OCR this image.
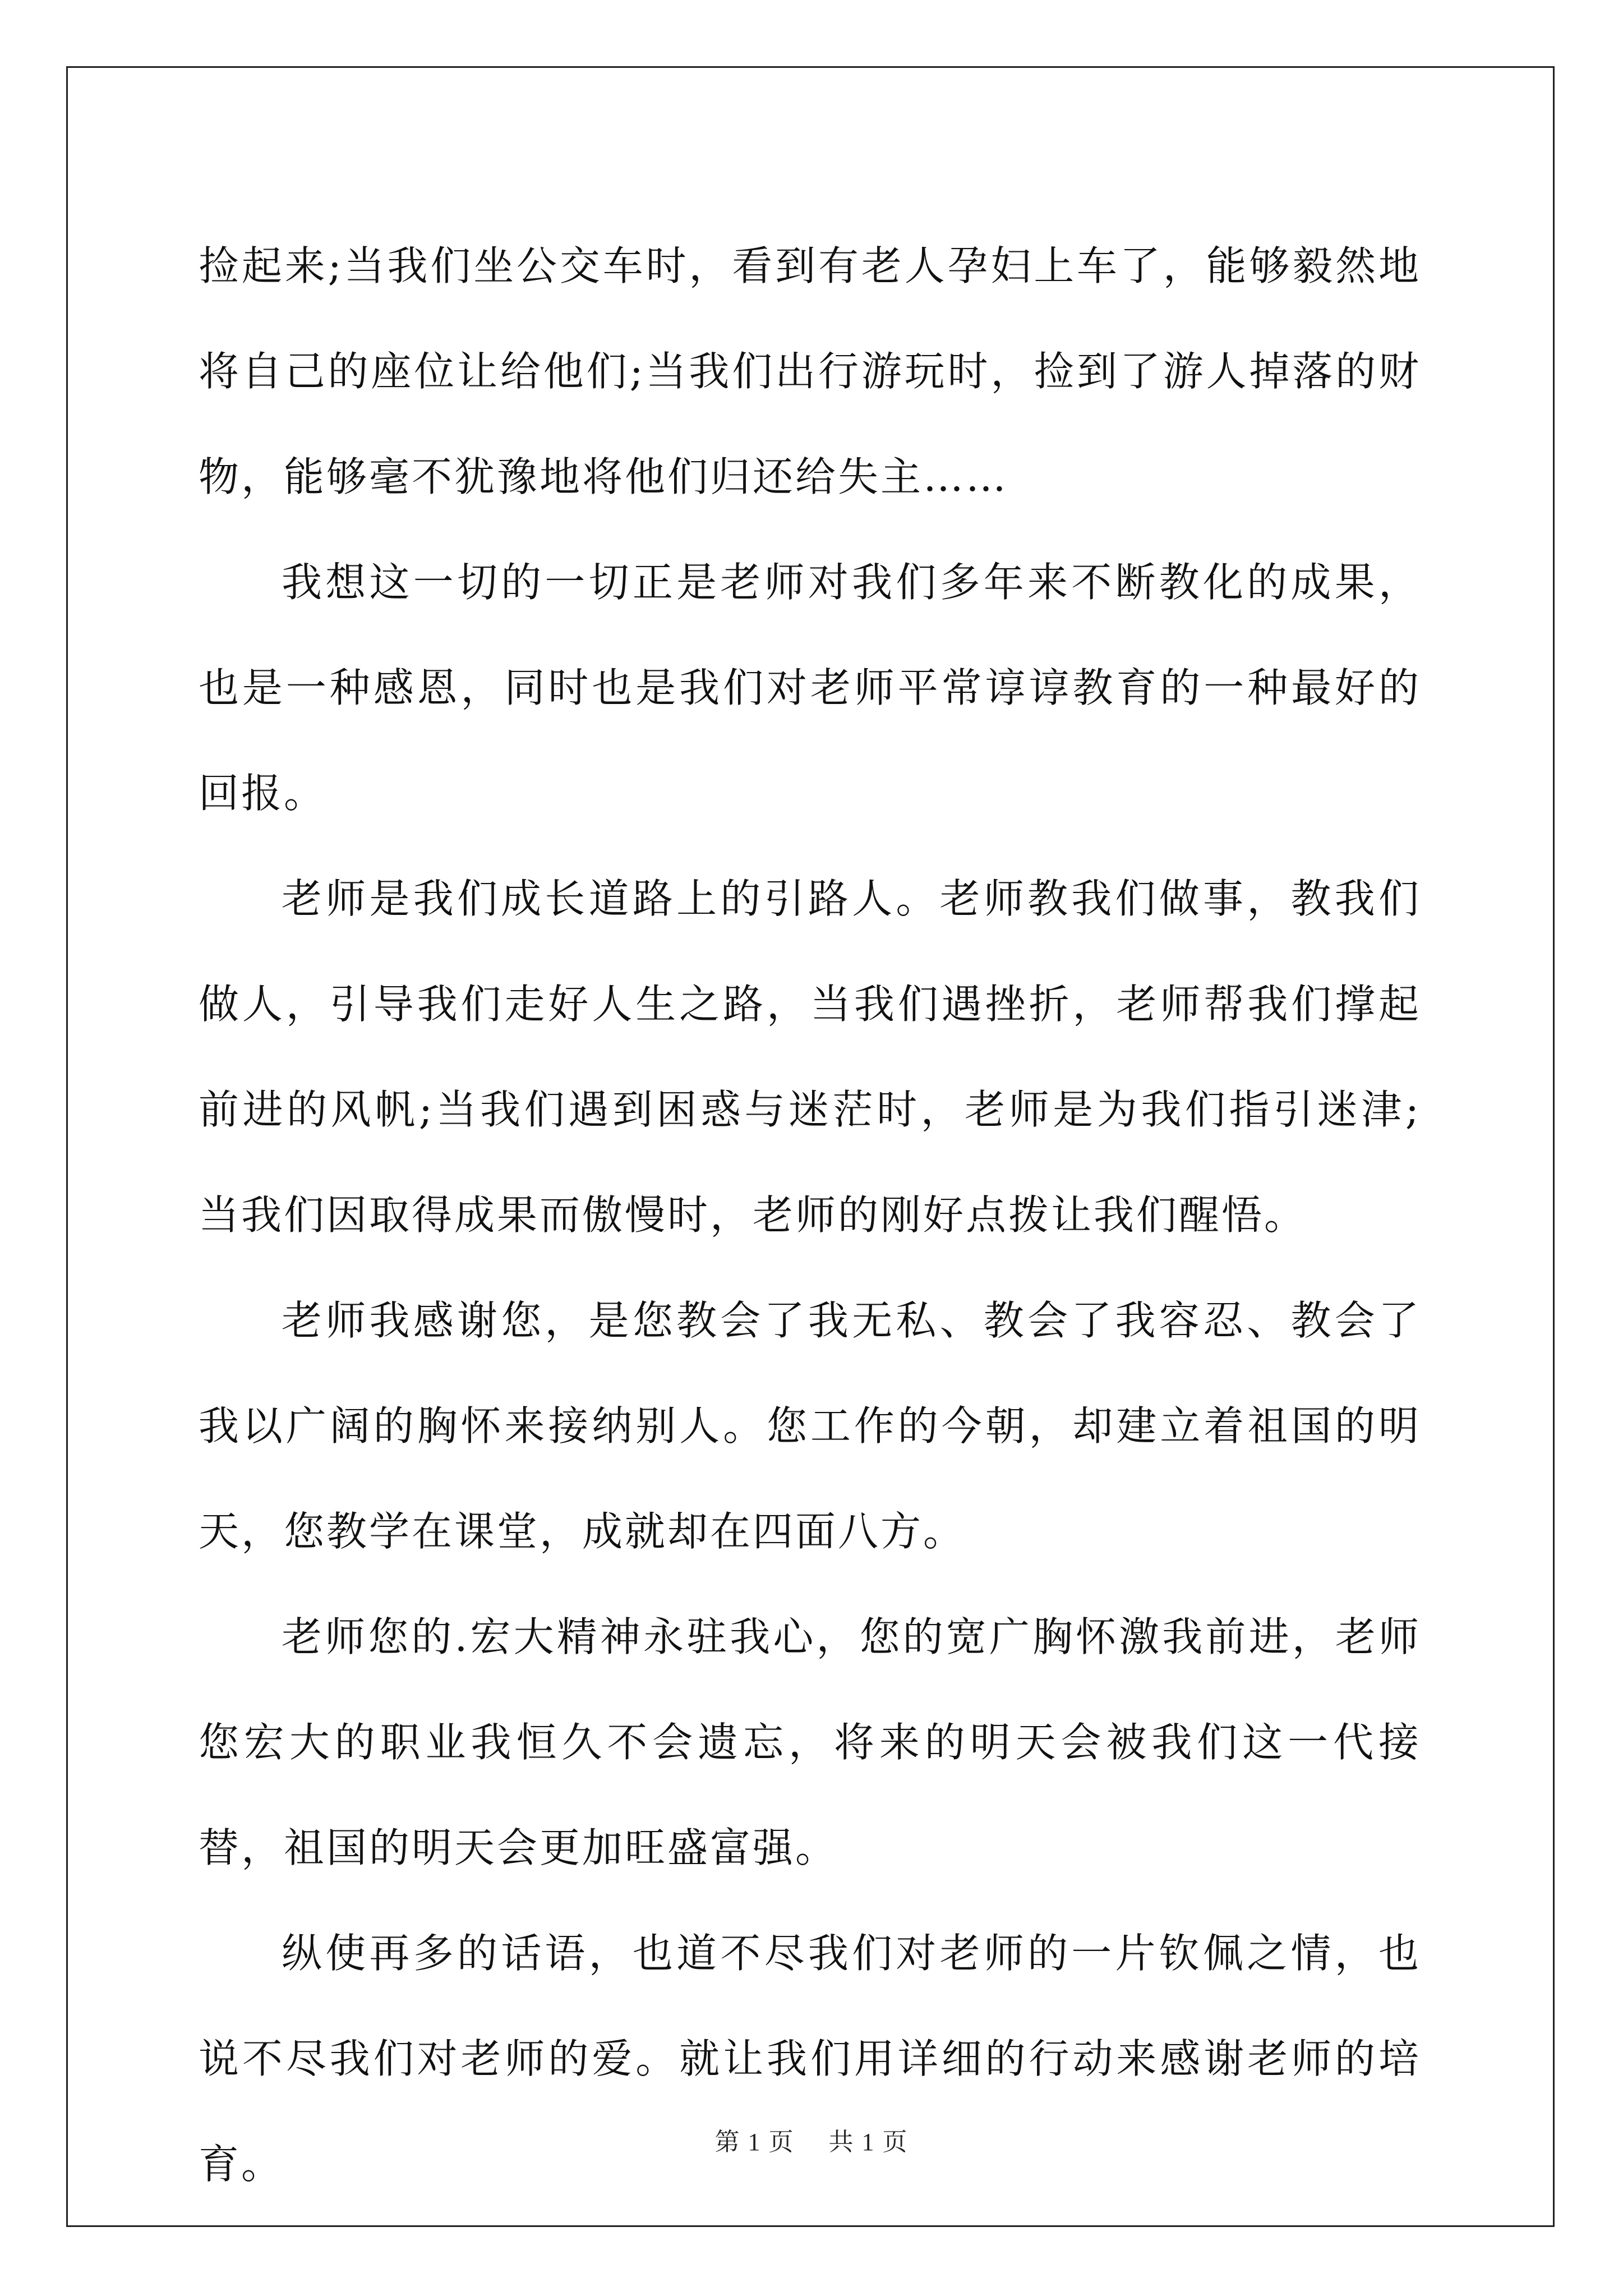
捡起来;当我们坐公交车时，看到有老人孕妇上车了，能够毅然地将自己的座位让给他们;当我们出行游玩时，捡到了游人掉落的财物，能够毫不犹豫地将他们归还给失主……

我想这一切的一切正是老师对我们多年来不断教化的成果，也是一种感恩，同时也是我们对老师平常谆谆教育的一种最好的回报。

老师是我们成长道路上的引路人。老师教我们做事，教我们做人，引导我们走好人生之路，当我们遇挫折，老师帮我们撑起前进的风帆;当我们遇到困惑与迷茫时，老师是为我们指引迷津;当我们因取得成果而傲慢时，老师的刚好点拨让我们醒悟。

老师我感谢您，是您教会了我无私、教会了我容忍、教会了我以广阔的胸怀来接纳别人。您工作的今朝，却建立着祖国的明天，您教学在课堂，成就却在四面八方。

老师您的.宏大精神永驻我心，您的宽广胸怀激我前进，老师您宏大的职业我恒久不会遗忘，将来的明天会被我们这一代接替，祖国的明天会更加旺盛富强。

纵使再多的话语，也道不尽我们对老师的一片钦佩之情，也说不尽我们对老师的爱。就让我们用详细的行动来感谢老师的培育。	第 1 页 共 1 页
